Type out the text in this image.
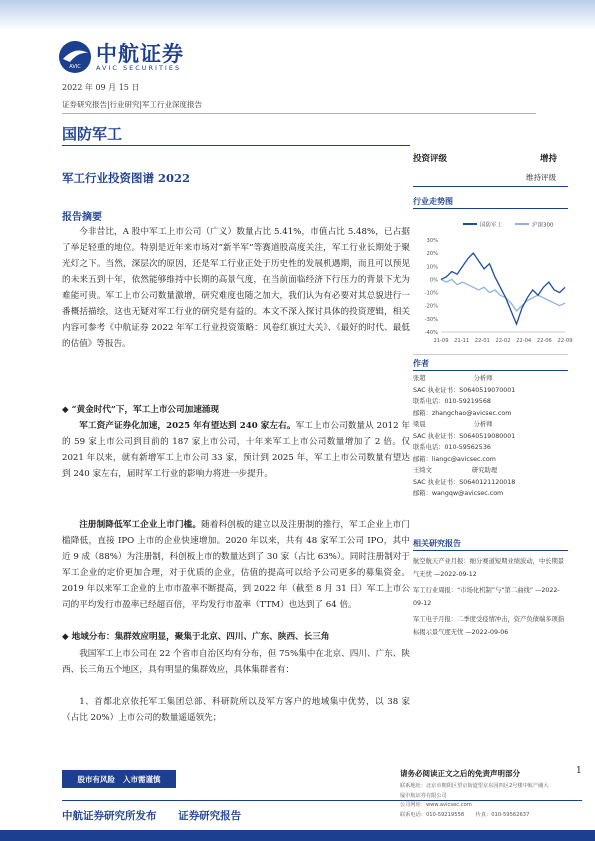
AVIC
中航证券
AVIC SECURITIES
2022 年 09 月 15 日
证券研究报告|行业研究|军工行业深度报告
国防军工
军工行业投资图谱 2022
投资评级	增持
维持评级
报告摘要
今非昔比，A 股中军工上市公司（广义）数量占比 5.41%，市值占比 5.48%，已占据了举足轻重的地位。特别是近年来市场对“新半军”等赛道股高度关注，军工行业长期处于聚光灯之下。当然，深层次的原因，还是军工行业正处于历史性的发展机遇期，而且可以预见的未来五到十年，依然能够维持中长期的高景气度，在当前面临经济下行压力的背景下尤为难能可贵。军工上市公司数量激增，研究难度也随之加大，我们认为有必要对其总貌进行一番概括描绘，这也无疑对军工行业的研究是有益的。本文不深入探讨具体的投资逻辑，相关内容可参考《中航证券 2022 年军工行业投资策略：风卷红旗过大关》、《最好的时代、最低的估值》等报告。
◆ “黄金时代”下，军工上市公司加速涌现
军工资产证券化加速，2025 年有望达到 240 家左右。军工上市公司数量从 2012 年的 59 家上市公司到目前的 187 家上市公司，十年来军工上市公司数量增加了 2 倍。仅 2021 年以来，就有新增军工上市公司 33 家，预计到 2025 年，军工上市公司数量有望达到 240 家左右，届时军工行业的影响力将进一步提升。
注册制降低军工企业上市门槛。随着科创板的建立以及注册制的推行，军工企业上市门槛降低，直接 IPO 上市的企业快速增加。2020 年以来，共有 48 家军工公司 IPO，其中近 9 成（88%）为注册制，科创板上市的数量达到了 30 家（占比 63%）。同时注册制对于军工企业的定价更加合理，对于优质的企业，估值的提高可以给予公司更多的募集资金。2019 年以来军工企业的上市市盈率不断提高，到 2022 年（截至 8 月 31 日）军工上市公司的平均发行市盈率已经超百倍，平均发行市盈率（TTM）也达到了 64 倍。
◆ 地域分布：集群效应明显，聚集于北京、四川、广东、陕西、长三角
我国军工上市公司在 22 个省市自治区均有分布，但 75%集中在北京、四川、广东、陕西、长三角五个地区，具有明显的集群效应，具体集群者有：
1、首都北京依托军工集团总部、科研院所以及军方客户的地域集中优势，以 38 家（占比 20%）上市公司的数量遥遥领先；
行业走势图
国防军工	沪深300
30%
20%
10%
0%
-10%
-20%
-30%
-40%
21-09 21-11 22-01 22-02 22-04 22-06 22-09
作者
张超                        分析师
SAC 执业证书：S0640519070001
联系电话：010-59219568
邮箱：zhangchao@avicsec.com
梁晨                        分析师
SAC 执业证书：S0640519080001
联系电话：010-59562536
邮箱：liangc@avicsec.com
王绮文                    研究助理
SAC 执业证书：S0640121120018
邮箱：wangqw@avicsec.com
相关研究报告
航空航天产业月报：细分赛道短期业绩波动，中长期景气无忧 —2022-09-12
军工行业周报：“市场化机制”与“第二曲线” —2022-09-12
军工电子月报：二季度受疫情冲击，资产负债端多项指标揭示景气度无忧 —2022-09-06
股市有风险 入市需谨慎
请务必阅读正文之后的免责声明部分	1
联系地址：北京市朝阳区望京街道望京东园四区2号楼中航产融大
厦中航证券有限公司
公司网址：www.avicsec.com
联系电话：010-59219558       传真：010-59562637
中航证券研究所发布 证券研究报告
